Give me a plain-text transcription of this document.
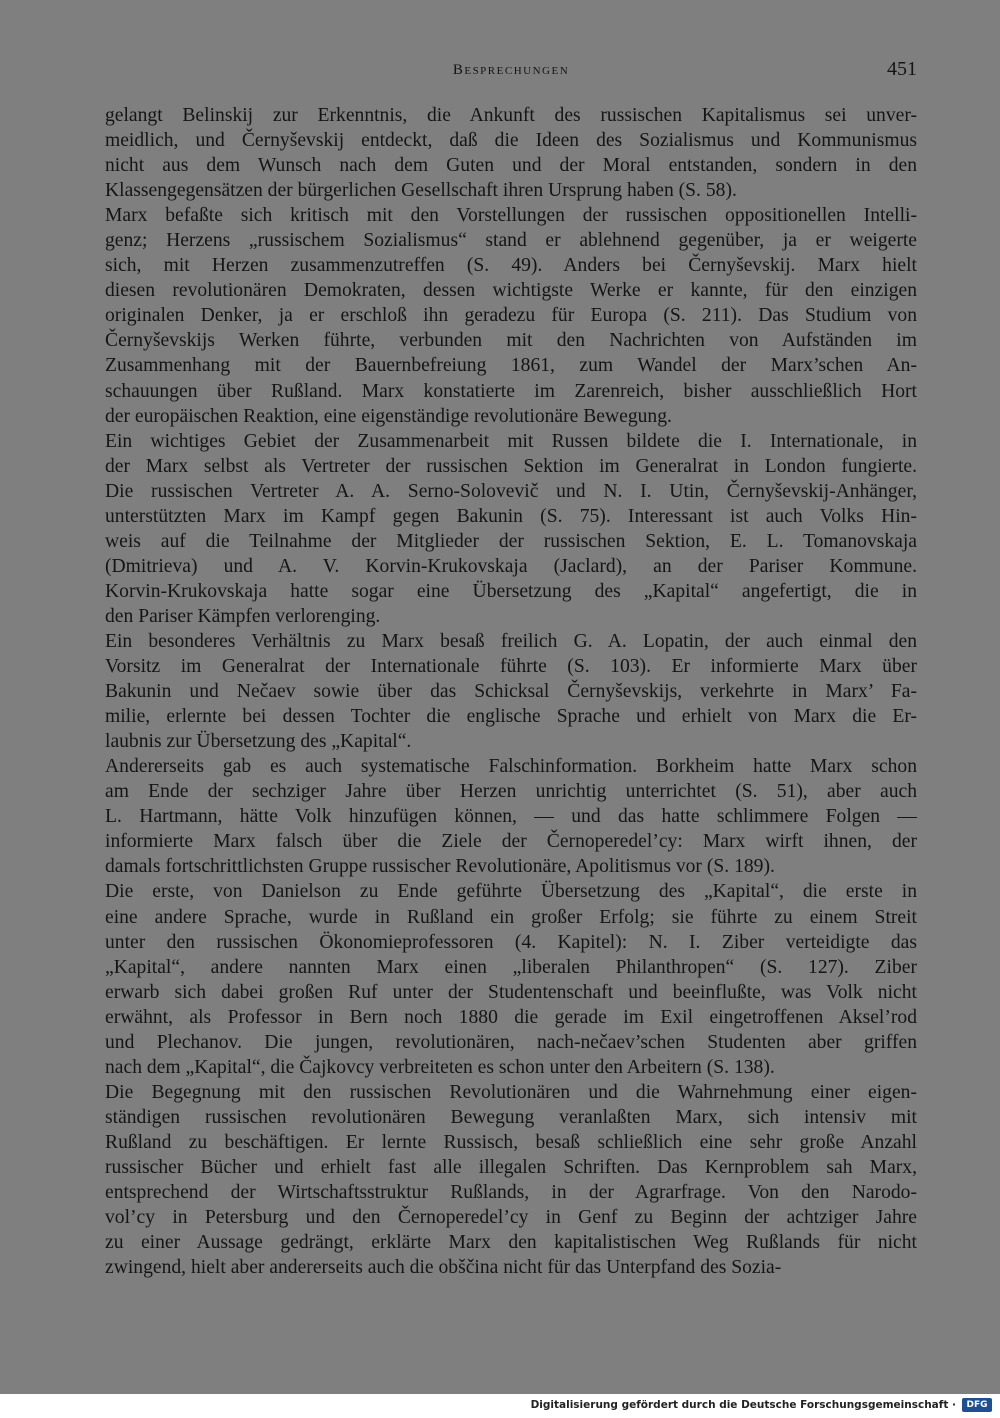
Besprechungen	451
gelangt Belinskij zur Erkenntnis, die Ankunft des russischen Kapitalismus sei unver-
meidlich, und Černyševskij entdeckt, daß die Ideen des Sozialismus und Kommunismus
nicht aus dem Wunsch nach dem Guten und der Moral entstanden, sondern in den
Klassengegensätzen der bürgerlichen Gesellschaft ihren Ursprung haben (S. 58).
Marx befaßte sich kritisch mit den Vorstellungen der russischen oppositionellen Intelli-
genz; Herzens „russischem Sozialismus“ stand er ablehnend gegenüber, ja er weigerte
sich, mit Herzen zusammenzutreffen (S. 49). Anders bei Černyševskij. Marx hielt
diesen revolutionären Demokraten, dessen wichtigste Werke er kannte, für den einzigen
originalen Denker, ja er erschloß ihn geradezu für Europa (S. 211). Das Studium von
Černyševskijs Werken führte, verbunden mit den Nachrichten von Aufständen im
Zusammenhang mit der Bauernbefreiung 1861, zum Wandel der Marx’schen An-
schauungen über Rußland. Marx konstatierte im Zarenreich, bisher ausschließlich Hort
der europäischen Reaktion, eine eigenständige revolutionäre Bewegung.
Ein wichtiges Gebiet der Zusammenarbeit mit Russen bildete die I. Internationale, in
der Marx selbst als Vertreter der russischen Sektion im Generalrat in London fungierte.
Die russischen Vertreter A. A. Serno-Solovevič und N. I. Utin, Černyševskij-Anhänger,
unterstützten Marx im Kampf gegen Bakunin (S. 75). Interessant ist auch Volks Hin-
weis auf die Teilnahme der Mitglieder der russischen Sektion, E. L. Tomanovskaja
(Dmitrieva) und A. V. Korvin-Krukovskaja (Jaclard), an der Pariser Kommune.
Korvin-Krukovskaja hatte sogar eine Übersetzung des „Kapital“ angefertigt, die in
den Pariser Kämpfen verlorenging.
Ein besonderes Verhältnis zu Marx besaß freilich G. A. Lopatin, der auch einmal den
Vorsitz im Generalrat der Internationale führte (S. 103). Er informierte Marx über
Bakunin und Nečaev sowie über das Schicksal Černyševskijs, verkehrte in Marx’ Fa-
milie, erlernte bei dessen Tochter die englische Sprache und erhielt von Marx die Er-
laubnis zur Übersetzung des „Kapital“.
Andererseits gab es auch systematische Falschinformation. Borkheim hatte Marx schon
am Ende der sechziger Jahre über Herzen unrichtig unterrichtet (S. 51), aber auch
L. Hartmann, hätte Volk hinzufügen können, — und das hatte schlimmere Folgen —
informierte Marx falsch über die Ziele der Černoperedel’cy: Marx wirft ihnen, der
damals fortschrittlichsten Gruppe russischer Revolutionäre, Apolitismus vor (S. 189).
Die erste, von Danielson zu Ende geführte Übersetzung des „Kapital“, die erste in
eine andere Sprache, wurde in Rußland ein großer Erfolg; sie führte zu einem Streit
unter den russischen Ökonomieprofessoren (4. Kapitel): N. I. Ziber verteidigte das
„Kapital“, andere nannten Marx einen „liberalen Philanthropen“ (S. 127). Ziber
erwarb sich dabei großen Ruf unter der Studentenschaft und beeinflußte, was Volk nicht
erwähnt, als Professor in Bern noch 1880 die gerade im Exil eingetroffenen Aksel’rod
und Plechanov. Die jungen, revolutionären, nach-nečaev’schen Studenten aber griffen
nach dem „Kapital“, die Čajkovcy verbreiteten es schon unter den Arbeitern (S. 138).
Die Begegnung mit den russischen Revolutionären und die Wahrnehmung einer eigen-
ständigen russischen revolutionären Bewegung veranlaßten Marx, sich intensiv mit
Rußland zu beschäftigen. Er lernte Russisch, besaß schließlich eine sehr große Anzahl
russischer Bücher und erhielt fast alle illegalen Schriften. Das Kernproblem sah Marx,
entsprechend der Wirtschaftsstruktur Rußlands, in der Agrarfrage. Von den Narodo-
vol’cy in Petersburg und den Černoperedel’cy in Genf zu Beginn der achtziger Jahre
zu einer Aussage gedrängt, erklärte Marx den kapitalistischen Weg Rußlands für nicht
zwingend, hielt aber andererseits auch die obščina nicht für das Unterpfand des Sozia-
Digitalisierung gefördert durch die Deutsche Forschungsgemeinschaft ·	DFG
